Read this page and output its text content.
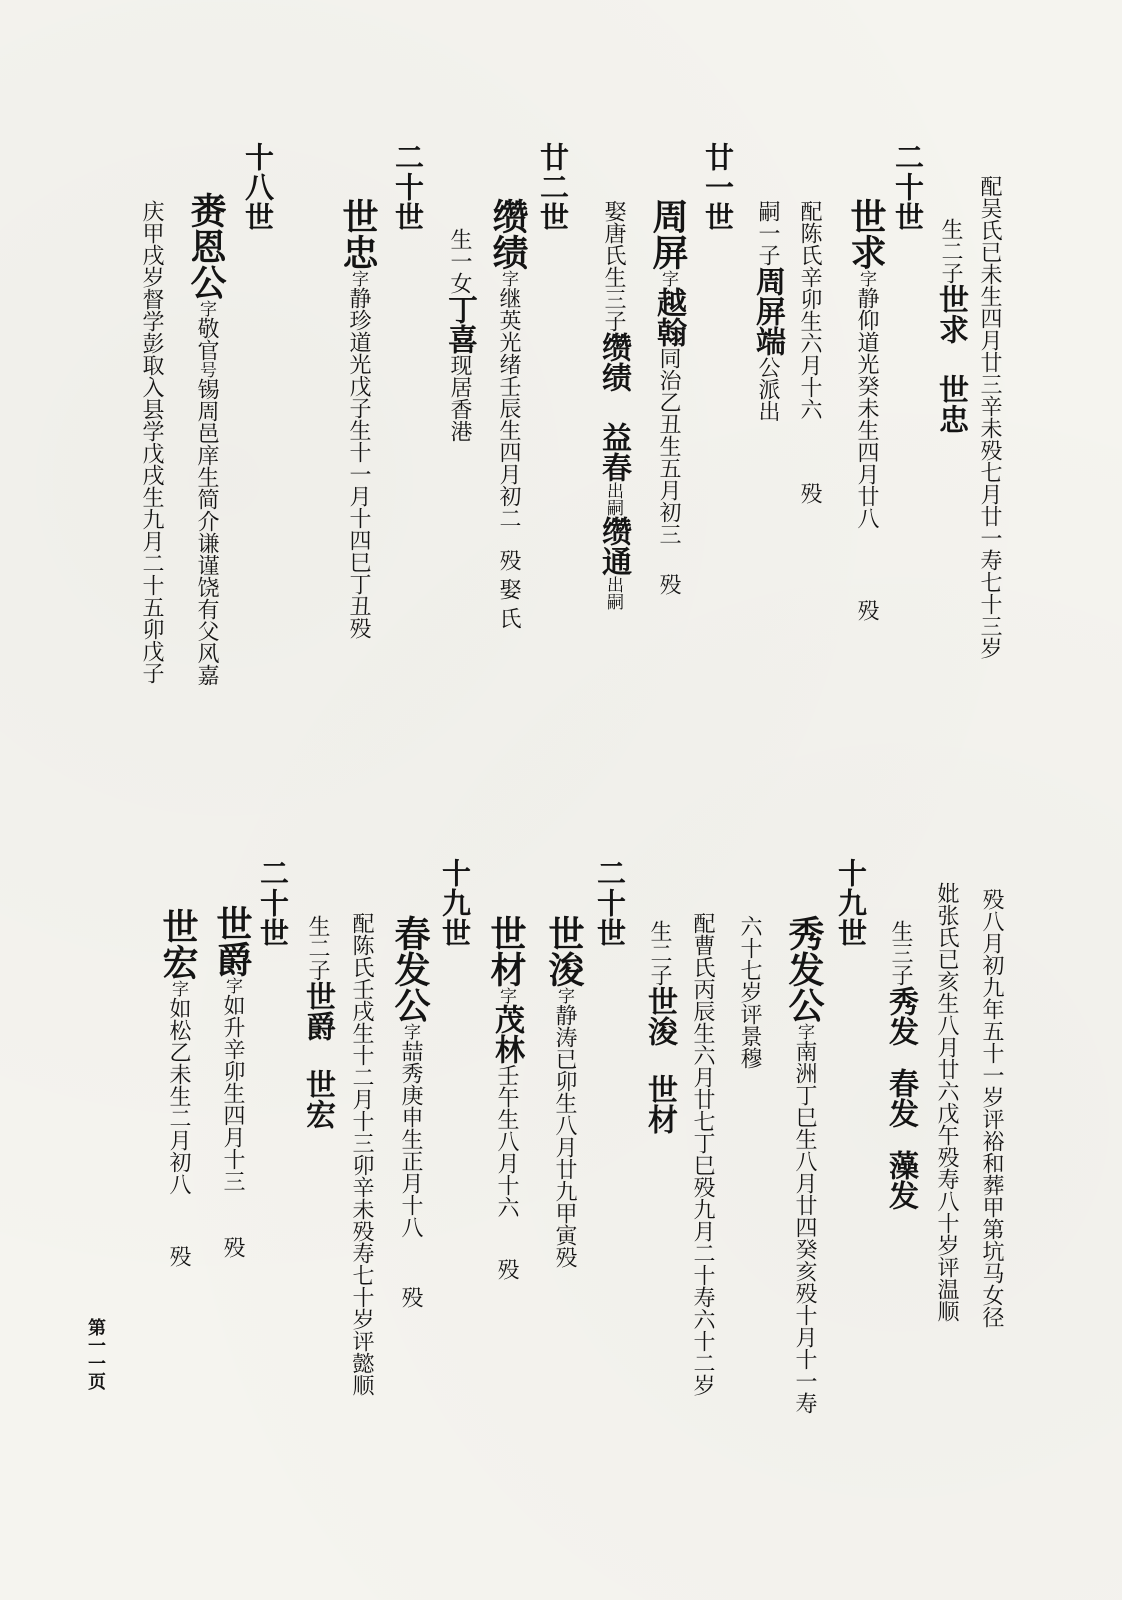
配吴氏已未生四月廿三辛未殁七月廿一寿七十三岁
生二子世求世忠
二十世
世求字静仰道光癸未生四月廿八殁
配陈氏辛卯生六月十六殁
嗣一子周屏端公派出
廿一世
周屏字越翰同治乙丑生五月初三殁
娶唐氏生三子缵绩益春出嗣缵通出嗣
廿二世
缵绩字继英光绪壬辰生四月初二殁 娶 氏
生一女丁喜现居香港
二十世
世忠字静珍道光戊子生十一月十四巳丁丑殁
十八世
赉恩公字敬官号锡周邑庠生简介谦谨饶有父风嘉
庆甲戌岁督学彭取入县学戊戌生九月二十五卯戊子
殁八月初九年五十一岁评裕和葬甲第坑马女径
妣张氏已亥生八月廿六戊午殁寿八十岁评温顺
生三子秀发春发藻发
十九世
秀发公字南洲丁巳生八月廿四癸亥殁十月十一寿
六十七岁评景穆
配曹氏丙辰生六月廿七丁巳殁九月二十寿六十二岁
生二子世浚世材
二十世
世浚字静涛已卯生八月廿九甲寅殁
世材字茂林壬午生八月十六殁
十九世
春发公字喆秀庚申生正月十八殁
配陈氏壬戌生十二月十三卯辛未殁寿七十岁评懿顺
生二子世爵世宏
二十世
世爵字如升辛卯生四月十三殁
世宏字如松乙未生二月初八殁
第一一页
